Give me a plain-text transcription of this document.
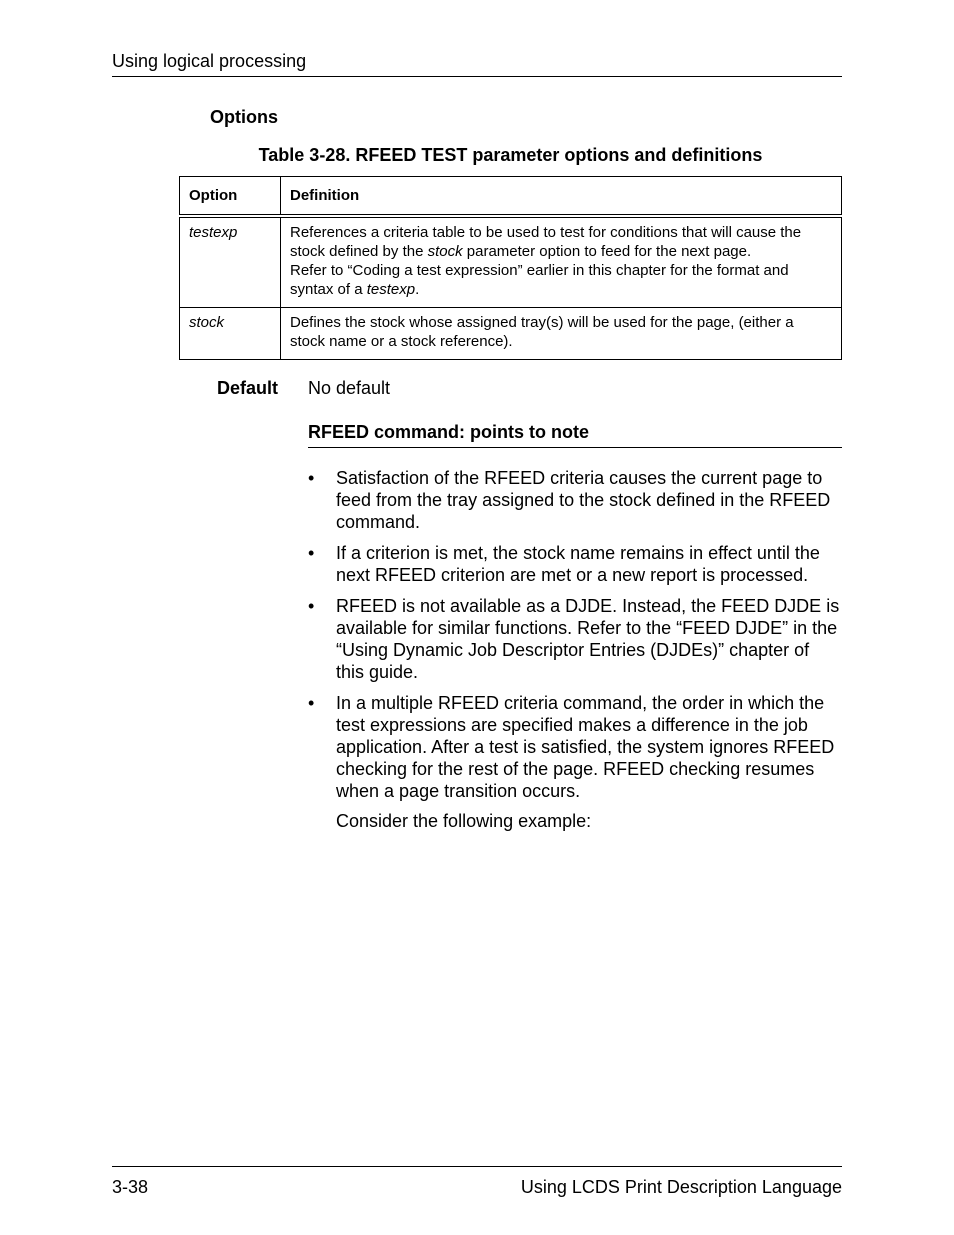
Using logical processing
Options
Table 3-28. RFEED TEST parameter options and definitions
Option	Definition
testexp	References a criteria table to be used to test for conditions that will cause the
stock defined by the stock parameter option to feed for the next page.
Refer to “Coding a test expression” earlier in this chapter for the format and
syntax of a testexp.

stock	Defines the stock whose assigned tray(s) will be used for the page, (either a
stock name or a stock reference).
Default No default
RFEED command: points to note
• Satisfaction of the RFEED criteria causes the current page to feed from the tray assigned to the stock defined in the RFEED command.
• If a criterion is met, the stock name remains in effect until the next RFEED criterion are met or a new report is processed.
• RFEED is not available as a DJDE. Instead, the FEED DJDE is available for similar functions. Refer to the “FEED DJDE” in the “Using Dynamic Job Descriptor Entries (DJDEs)” chapter of this guide.
• In a multiple RFEED criteria command, the order in which the test expressions are specified makes a difference in the job application. After a test is satisfied, the system ignores RFEED checking for the rest of the page. RFEED checking resumes when a page transition occurs.
Consider the following example:
3-38	Using LCDS Print Description Language
